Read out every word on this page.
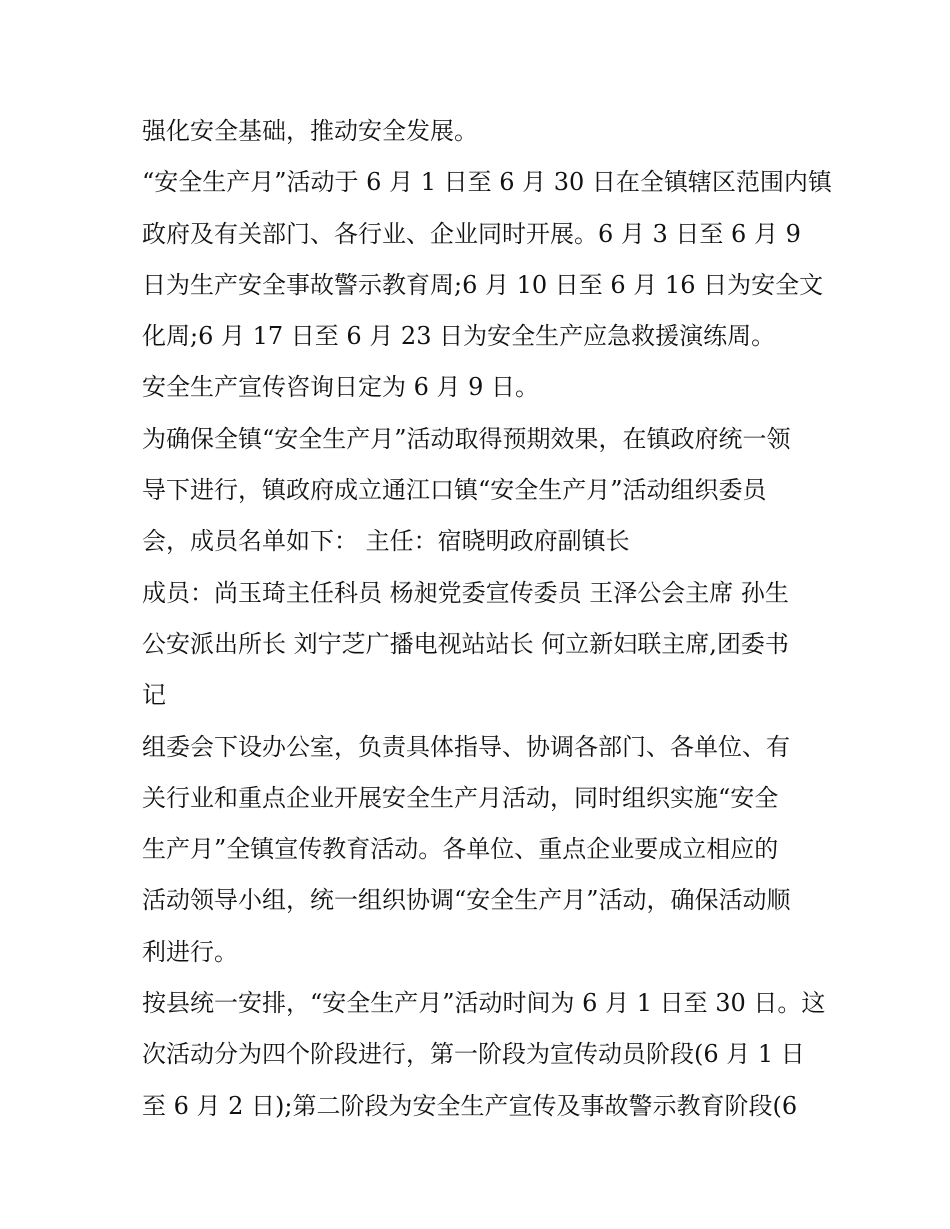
强化安全基础，推动安全发展。
“安全生产月”活动于 6 月 1 日至 6 月 30 日在全镇辖区范围内镇
政府及有关部门、各行业、企业同时开展。6 月 3 日至 6 月 9
日为生产安全事故警示教育周;6 月 10 日至 6 月 16 日为安全文
化周;6 月 17 日至 6 月 23 日为安全生产应急救援演练周。
安全生产宣传咨询日定为 6 月 9 日。
为确保全镇“安全生产月”活动取得预期效果，在镇政府统一领
导下进行，镇政府成立通江口镇“安全生产月”活动组织委员
会，成员名单如下： 主任：宿晓明政府副镇长
成员：尚玉琦主任科员 杨昶党委宣传委员 王泽公会主席 孙生
公安派出所长 刘宁芝广播电视站站长 何立新妇联主席,团委书
记
组委会下设办公室，负责具体指导、协调各部门、各单位、有
关行业和重点企业开展安全生产月活动，同时组织实施“安全
生产月”全镇宣传教育活动。各单位、重点企业要成立相应的
活动领导小组，统一组织协调“安全生产月”活动，确保活动顺
利进行。
按县统一安排，“安全生产月”活动时间为 6 月 1 日至 30 日。这
次活动分为四个阶段进行，第一阶段为宣传动员阶段(6 月 1 日
至 6 月 2 日);第二阶段为安全生产宣传及事故警示教育阶段(6
